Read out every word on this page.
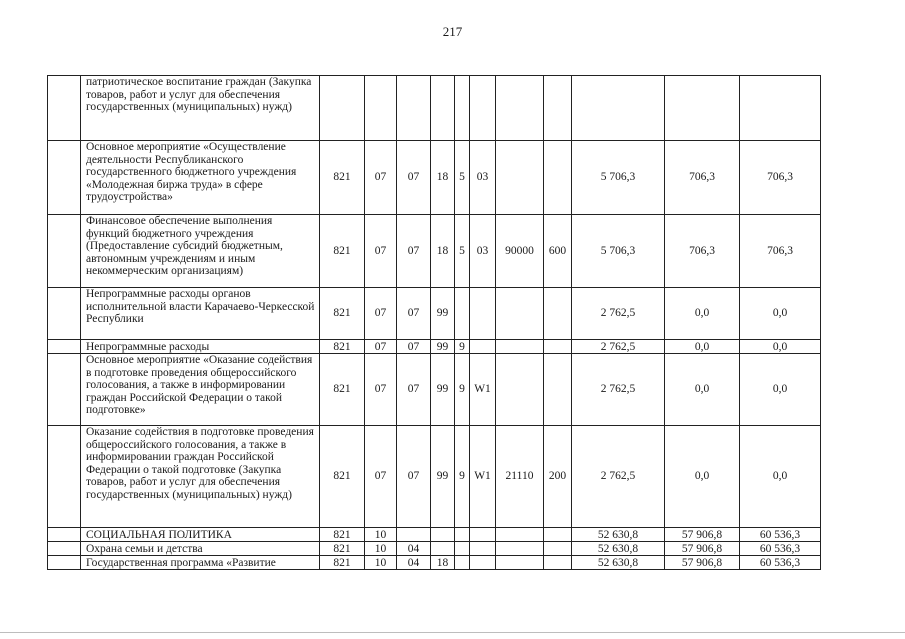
217
	патриотическое воспитание граждан (Закупка товаров, работ и услуг для обеспечения государственных (муниципальных) нужд)											
	Основное мероприятие «Осуществление деятельности Республиканского государственного бюджетного учреждения «Молодежная биржа труда» в сфере трудоустройства»	821	07	07	18	5	03			5 706,3	706,3	706,3
	Финансовое обеспечение выполнения функций бюджетного учреждения (Предоставление субсидий бюджетным, автономным учреждениям и иным некоммерческим организациям)	821	07	07	18	5	03	90000	600	5 706,3	706,3	706,3
	Непрограммные расходы органов исполнительной власти Карачаево-Черкесской Республики	821	07	07	99					2 762,5	0,0	0,0
	Непрограммные расходы	821	07	07	99	9				2 762,5	0,0	0,0
	Основное мероприятие «Оказание содействия в подготовке проведения общероссийского голосования, а также в информировании граждан Российской Федерации о такой подготовке»	821	07	07	99	9	W1			2 762,5	0,0	0,0
	Оказание содействия в подготовке проведения общероссийского голосования, а также в информировании граждан Российской Федерации о такой подготовке (Закупка товаров, работ и услуг для обеспечения государственных (муниципальных) нужд)	821	07	07	99	9	W1	21110	200	2 762,5	0,0	0,0
	СОЦИАЛЬНАЯ ПОЛИТИКА	821	10							52 630,8	57 906,8	60 536,3
	Охрана семьи и детства	821	10	04						52 630,8	57 906,8	60 536,3
	Государственная программа «Развитие	821	10	04	18					52 630,8	57 906,8	60 536,3
